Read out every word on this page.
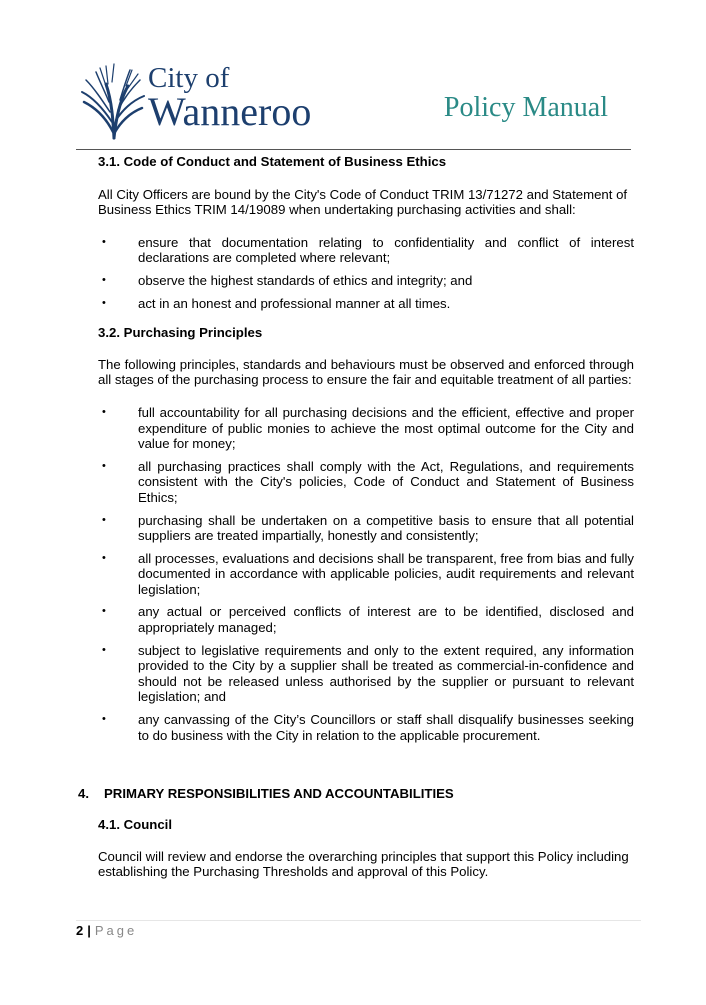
City of
Wanneroo	Policy Manual

3.1. Code of Conduct and Statement of Business Ethics

All City Officers are bound by the City's Code of Conduct TRIM 13/71272 and Statement of Business Ethics TRIM 14/19089 when undertaking purchasing activities and shall:

• ensure that documentation relating to confidentiality and conflict of interest declarations are completed where relevant;
• observe the highest standards of ethics and integrity; and
• act in an honest and professional manner at all times.

3.2. Purchasing Principles

The following principles, standards and behaviours must be observed and enforced through all stages of the purchasing process to ensure the fair and equitable treatment of all parties:

• full accountability for all purchasing decisions and the efficient, effective and proper expenditure of public monies to achieve the most optimal outcome for the City and value for money;
• all purchasing practices shall comply with the Act, Regulations, and requirements consistent with the City's policies, Code of Conduct and Statement of Business Ethics;
• purchasing shall be undertaken on a competitive basis to ensure that all potential suppliers are treated impartially, honestly and consistently;
• all processes, evaluations and decisions shall be transparent, free from bias and fully documented in accordance with applicable policies, audit requirements and relevant legislation;
• any actual or perceived conflicts of interest are to be identified, disclosed and appropriately managed;
• subject to legislative requirements and only to the extent required, any information provided to the City by a supplier shall be treated as commercial-in-confidence and should not be released unless authorised by the supplier or pursuant to relevant legislation; and
• any canvassing of the City’s Councillors or staff shall disqualify businesses seeking to do business with the City in relation to the applicable procurement.
4. PRIMARY RESPONSIBILITIES AND ACCOUNTABILITIES

4.1. Council

Council will review and endorse the overarching principles that support this Policy including establishing the Purchasing Thresholds and approval of this Policy.

2 | Page
